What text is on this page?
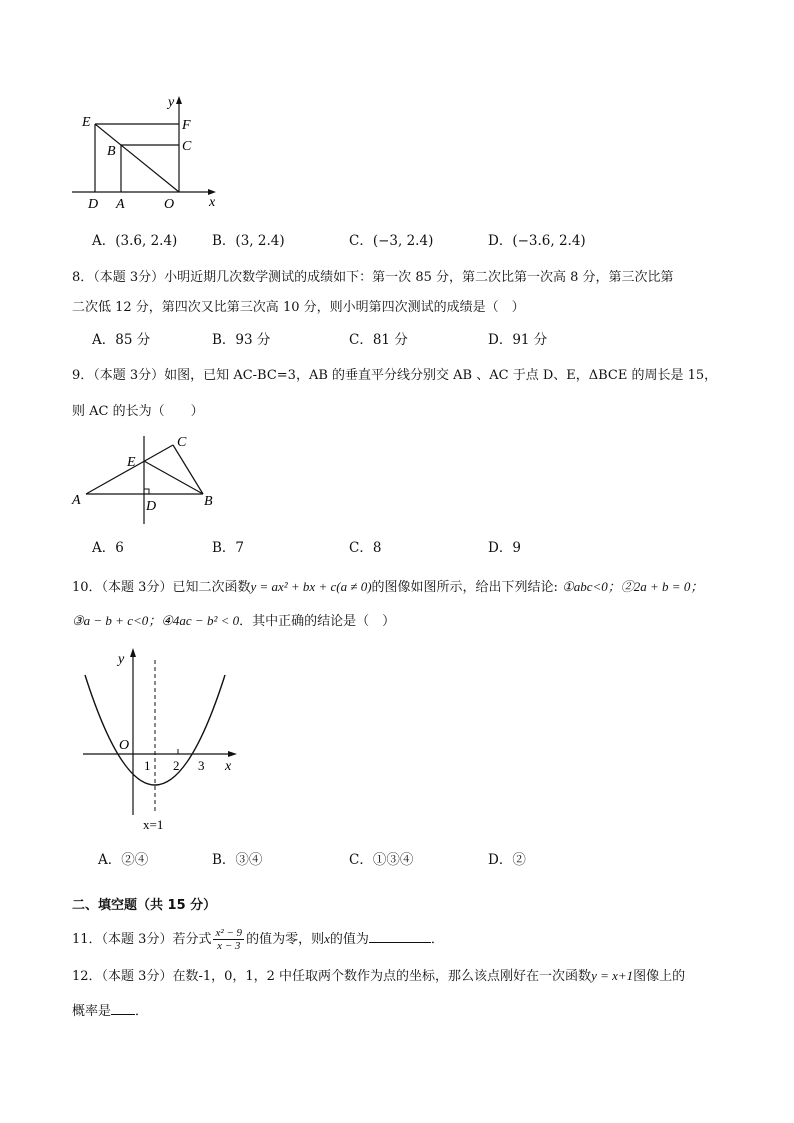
y
E	F
B	C
D A	O x
A．(3.6, 2.4)	B．(3, 2.4)	C．(−3, 2.4)	D．(−3.6, 2.4)
8．（本题 3分）小明近期几次数学测试的成绩如下：第一次 85 分，第二次比第一次高 8 分，第三次比第
二次低 12 分，第四次又比第三次高 10 分，则小明第四次测试的成绩是（　）
A．85 分	B．93 分	C．81 分	D．91 分
9．（本题 3分）如图，已知 AC-BC=3，AB 的垂直平分线分别交 AB 、AC 于点 D、E，ΔBCE 的周长是 15，
则 AC 的长为（　　）
A	B
C
D
E
A．6	B．7	C．8	D．9
10．（本题 3分）已知二次函数y = ax² + bx + c(a ≠ 0)的图像如图所示，给出下列结论: ①abc<0；②2a + b = 0；
③a − b + c<0；④4ac − b² < 0．其中正确的结论是（　）
y
O
1 2 3 x
x=1
A．②④	B．③④	C．①③④	D．②
二、填空题（共 15 分）
11．（本题 3分）若分式 $\frac{\text{x² − 9}}{x - 3}$ 的值为零，则x的值为	．
12．（本题 3分）在数-1，0，1，2 中任取两个数作为点的坐标，那么该点刚好在一次函数y = x+1图像上的
概率是 ．
